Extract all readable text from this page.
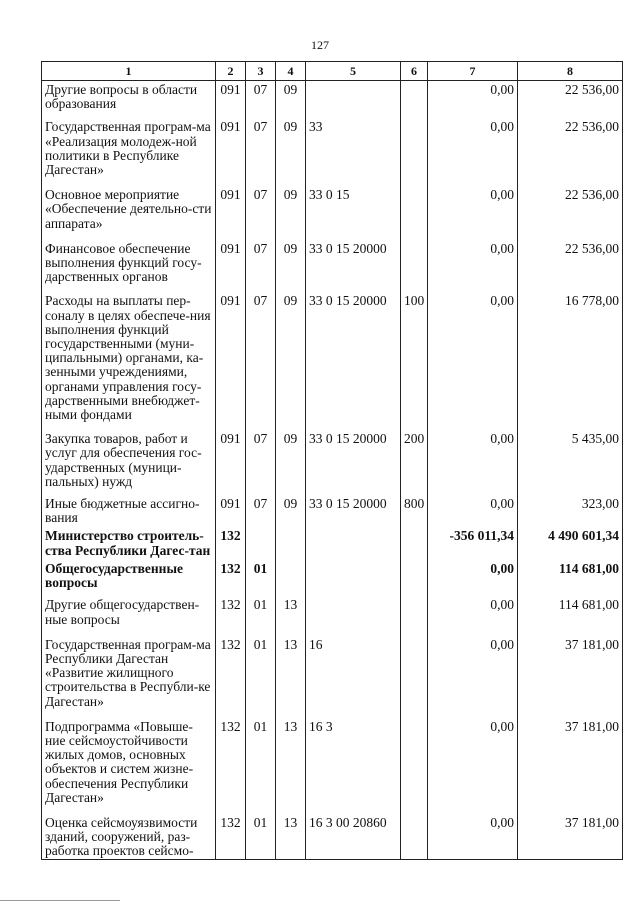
127
1	2	3	4	5	6	7	8
Другие вопросы в области образования	091	07	09			0,00	22 536,00
Государственная програм-ма «Реализация молодеж-ной политики в Республике Дагестан»	091	07	09	33		0,00	22 536,00
Основное мероприятие «Обеспечение деятельно-сти аппарата»	091	07	09	33 0 15		0,00	22 536,00
Финансовое обеспечение выполнения функций госу-дарственных органов	091	07	09	33 0 15 20000		0,00	22 536,00
Расходы на выплаты пер-соналу в целях обеспече-ния выполнения функций государственными (муни-ципальными) органами, ка-зенными учреждениями, органами управления госу-дарственными внебюджет-ными фондами	091	07	09	33 0 15 20000	100	0,00	16 778,00
Закупка товаров, работ и услуг для обеспечения гос-ударственных (муници-пальных) нужд	091	07	09	33 0 15 20000	200	0,00	5 435,00
Иные бюджетные ассигно-вания	091	07	09	33 0 15 20000	800	0,00	323,00
Министерство строитель-ства Республики Дагес-тан	132					-356 011,34	4 490 601,34
Общегосударственные вопросы	132	01				0,00	114 681,00
Другие общегосударствен-ные вопросы	132	01	13			0,00	114 681,00
Государственная програм-ма Республики Дагестан «Развитие жилищного строительства в Республи-ке Дагестан»	132	01	13	16		0,00	37 181,00
Подпрограмма «Повыше-ние сейсмоустойчивости жилых домов, основных объектов и систем жизне-обеспечения Республики Дагестан»	132	01	13	16 3		0,00	37 181,00
Оценка сейсмоуязвимости зданий, сооружений, раз-работка проектов сейсмо-	132	01	13	16 3 00 20860		0,00	37 181,00
